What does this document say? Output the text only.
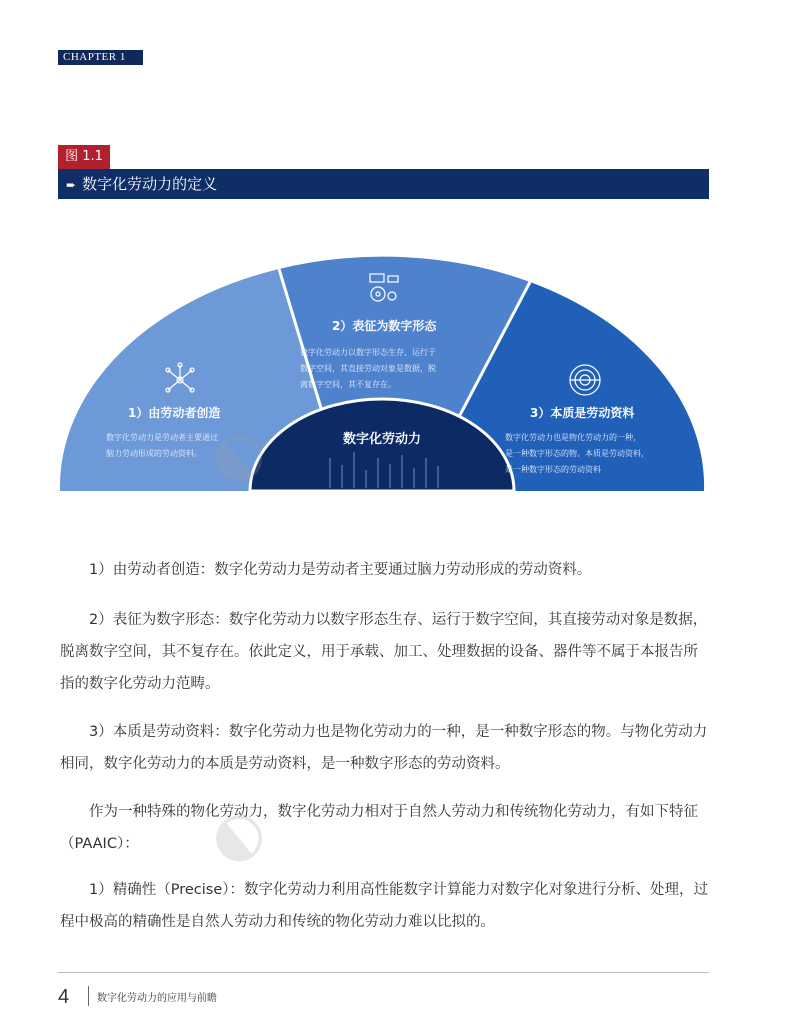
CHAPTER 1
图 1.1
➨ 数字化劳动力的定义
1）由劳动者创造
数字化劳动力是劳动者主要通过
脑力劳动形成的劳动资料。
2）表征为数字形态
数字化劳动力以数字形态生存、运行于
数字空间，其直接劳动对象是数据，脱
离数字空间，其不复存在。
3）本质是劳动资料
数字化劳动力也是物化劳动力的一种，
是一种数字形态的物。本质是劳动资料，
是一种数字形态的劳动资料
数字化劳动力

1）由劳动者创造：数字化劳动力是劳动者主要通过脑力劳动形成的劳动资料。

2）表征为数字形态：数字化劳动力以数字形态生存、运行于数字空间，其直接劳动对象是数据，脱离数字空间，其不复存在。依此定义，用于承载、加工、处理数据的设备、器件等不属于本报告所指的数字化劳动力范畴。

3）本质是劳动资料：数字化劳动力也是物化劳动力的一种，是一种数字形态的物。与物化劳动力相同，数字化劳动力的本质是劳动资料，是一种数字形态的劳动资料。

作为一种特殊的物化劳动力，数字化劳动力相对于自然人劳动力和传统物化劳动力，有如下特征（PAAIC）：

1）精确性（Precise）：数字化劳动力利用高性能数字计算能力对数字化对象进行分析、处理，过程中极高的精确性是自然人劳动力和传统的物化劳动力难以比拟的。

◐
◐
4	数字化劳动力的应用与前瞻
